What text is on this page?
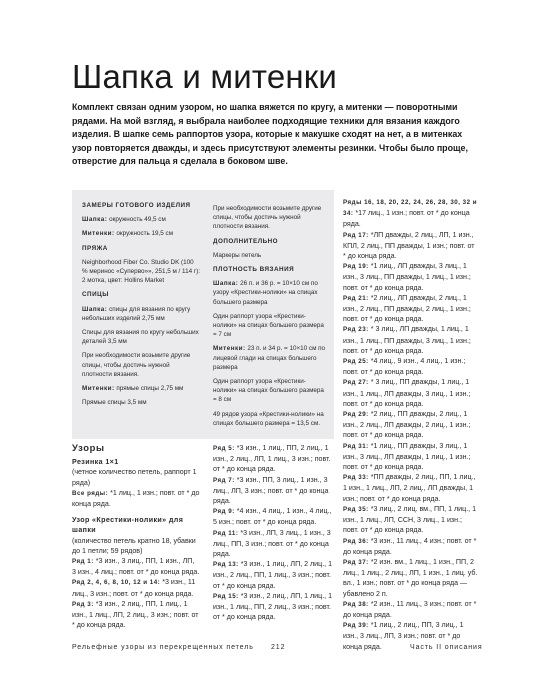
Шапка и митенки
Комплект связан одним узором, но шапка вяжется по кругу, а митенки — поворотными рядами. На мой взгляд, я выбрала наиболее подходящие техники для вязания каждого изделия. В шапке семь раппортов узора, которые к макушке сходят на нет, а в митенках узор повторяется дважды, и здесь присутствуют элементы резинки. Чтобы было проще, отверстие для пальца я сделала в боковом шве.
ЗАМЕРЫ ГОТОВОГО ИЗДЕЛИЯ

Шапка: окружность 49,5 см

Митенки: окружность 19,5 см

ПРЯЖА

Neighborhood Fiber Co. Studio DK (100 % мериноc «Суперво»», 251,5 м / 114 г): 2 мотка, цвет: Hollins Market

СПИЦЫ

Шапка: спицы для вязания по кругу небольших изделий 2,75 мм

Спицы для вязания по кругу небольших деталей 3,5 мм

При необходимости возьмите другие спицы, чтобы достичь нужной плотности вязания.

Митенки: прямые спицы 2,75 мм

Прямые спицы 3,5 мм

При необходимости возьмите другие спицы, чтобы достичь нужной плотности вязания.

ДОПОЛНИТЕЛЬНО

Маркеры петель

ПЛОТНОСТЬ ВЯЗАНИЯ

Шапка: 26 п. и 36 р. = 10×10 см по узору «Крестики-нолики» на спицах большего размера

Один раппорт узора «Крестики-нолики» на спицах большего размера = 7 см

Митенки: 23 п. и 34 р. = 10×10 см по лицевой глади на спицах большего размера

Один раппорт узора «Крестики-нолики» на спицах большего размера = 8 см

49 рядов узора «Крестики-нолики» на спицах большего размера = 13,5 см.

Ряды 16, 18, 20, 22, 24, 26, 28, 30, 32 и 34: *17 лиц., 1 изн.; повт. от * до конца ряда.

Ряд 17: *ЛП дважды, 2 лиц., ЛП, 1 изн., КПЛ, 2 лиц., ПП дважды, 1 изн.; повт. от * до конца ряда.

Ряд 19: *1 лиц., ЛП дважды, 3 лиц., 1 изн., 3 лиц., ПП дважды, 1 лиц., 1 изн.; повт. от * до конца ряда.

Ряд 21: *2 лиц., ЛП дважды, 2 лиц., 1 изн., 2 лиц., ПП дважды, 2 лиц., 1 изн.; повт. от * до конца ряда.

Ряд 23: * 3 лиц., ЛП дважды, 1 лиц., 1 изн., 1 лиц., ПП дважды, 3 лиц., 1 изн.; повт. от * до конца ряда.

Ряд 25: *4 лиц., 9 изн., 4 лиц., 1 изн.; повт. от * до конца ряда.

Ряд 27: * 3 лиц., ПП дважды, 1 лиц., 1 изн., 1 лиц., ЛП дважды, 3 лиц., 1 изн.; повт. от * до конца ряда.

Ряд 29: *2 лиц., ПП дважды, 2 лиц., 1 изн., 2 лиц., ЛП дважды, 2 лиц., 1 изн.; повт. от * до конца ряда.

Ряд 31: *1 лиц., ПП дважды, 3 лиц., 1 изн., 3 лиц., ЛП дважды, 1 лиц., 1 изн.; повт. от * до конца ряда.

Ряд 33: *ПП дважды, 2 лиц., ПП, 1 лиц., 1 изн., 1 лиц., ЛП, 2 лиц., ЛП дважды, 1 изн.; повт. от * до конца ряда.

Ряд 35: *3 лиц., 2 лиц. вм., ПП, 1 лиц., 1 изн., 1 лиц., ЛП, ССН, 3 лиц., 1 изн.; повт. от * до конца ряда.

Ряд 36: *3 изн., 11 лиц., 4 изн.; повт. от * до конца ряда.

Ряд 37: *2 изн. вм., 1 лиц., 1 изн., ПП, 2 лиц., 1 лиц., 2 лиц., ЛП, 1 изн., 1 лиц. уб. вл., 1 изн.; повт. от * до конца ряда — убавлено 2 п.

Ряд 38: *2 изн., 11 лиц., 3 изн.; повт. от * до конца ряда.

Ряд 39: *1 лиц., 2 лиц., ПП, 3 лиц., 1 изн., 3 лиц., ЛП, 3 изн.; повт. от * до конца ряда.

Узоры

Резинка 1×1

(четное количество петель, раппорт 1 ряда)

Все ряды: *1 лиц., 1 изн.; повт. от * до конца ряда.

Узор «Крестики-нолики» для шапки

(количество петель кратно 18, убавки до 1 петли; 59 рядов)

Ряд 1: *3 изн., 3 лиц., ПП, 1 изн., ЛП, 3 изн., 4 лиц.; повт. от * до конца ряда.

Ряд 2, 4, 6, 8, 10, 12 и 14: *3 изн., 11 лиц., 3 изн.; повт. от * до конца ряда.

Ряд 3: *3 изн., 2 лиц., ПП, 1 лиц., 1 изн., 1 лиц., ЛП, 2 лиц., 3 изн.; повт. от * до конца ряда.

Ряд 5: *3 изн., 1 лиц., ПП, 2 лиц., 1 изн., 2 лиц., ЛП, 1 лиц., 3 изн.; повт. от * до конца ряда.

Ряд 7: *3 изн., ПП, 3 лиц., 1 изн., 3 лиц., ЛП, 3 изн.; повт. от * до конца ряда.

Ряд 9: *4 изн., 4 лиц., 1 изн., 4 лиц., 5 изн.; повт. от * до конца ряда.

Ряд 11: *3 изн., ЛП, 3 лиц., 1 изн., 3 лиц., ПП, 3 изн.; повт. от * до конца ряда.

Ряд 13: *3 изн., 1 лиц., ЛП, 2 лиц., 1 изн., 2 лиц., ПП, 1 лиц., 3 изн.; повт. от * до конца ряда.

Ряд 15: *3 изн., 2 лиц., ЛП, 1 лиц., 1 изн., 1 лиц., ПП, 2 лиц., 3 изн.; повт. от * до конца ряда.

Рельефные узоры из перекрещенных петель 212	Часть II описания
